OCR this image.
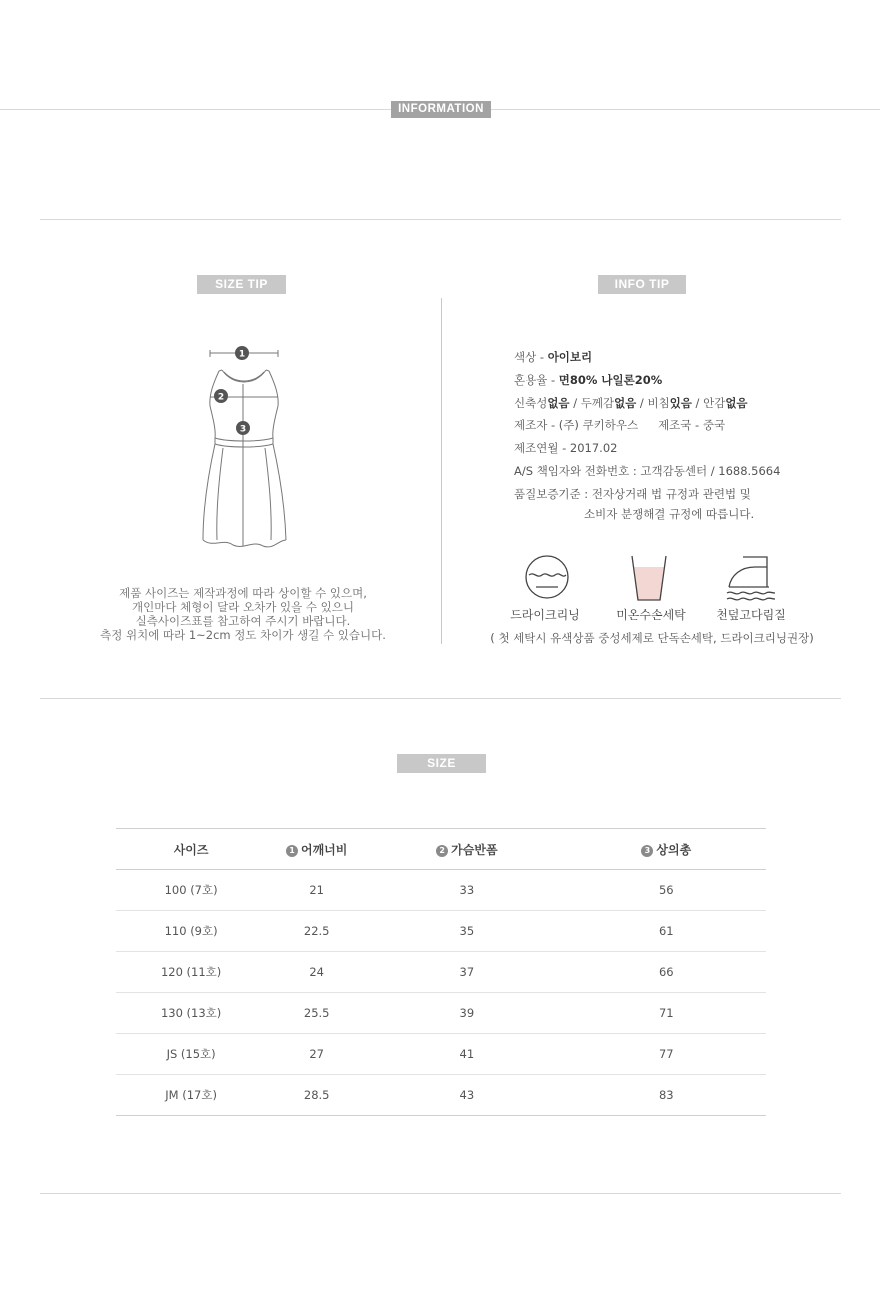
INFORMATION
SIZE TIP
1
2
3
제품 사이즈는 제작과정에 따라 상이할 수 있으며,
개인마다 체형이 달라 오차가 있을 수 있으니
실측사이즈표를 참고하여 주시기 바랍니다.
측정 위치에 따라 1~2cm 정도 차이가 생길 수 있습니다.
INFO TIP
색상 - 아이보리
혼용율 - 면80% 나일론20%
신축성없음 / 두께감없음 / 비침있음 / 안감없음
제조자 - (주) 쿠키하우스 제조국 - 중국
제조연월 - 2017.02
A/S 책임자와 전화번호 : 고객감동센터 / 1688.5664
품질보증기준 : 전자상거래 법 규정과 관련법 및
소비자 분쟁해결 규정에 따릅니다.
드라이크리닝	미온수손세탁	천덮고다림질
( 첫 세탁시 유색상품 중성세제로 단독손세탁, 드라이크리닝권장)
SIZE
사이즈	1 어깨너비	2 가슴반폼	3 상의총
100 (7호)	21	33	56
110 (9호)	22.5	35	61
120 (11호)	24	37	66
130 (13호)	25.5	39	71
JS (15호)	27	41	77
JM (17호)	28.5	43	83
